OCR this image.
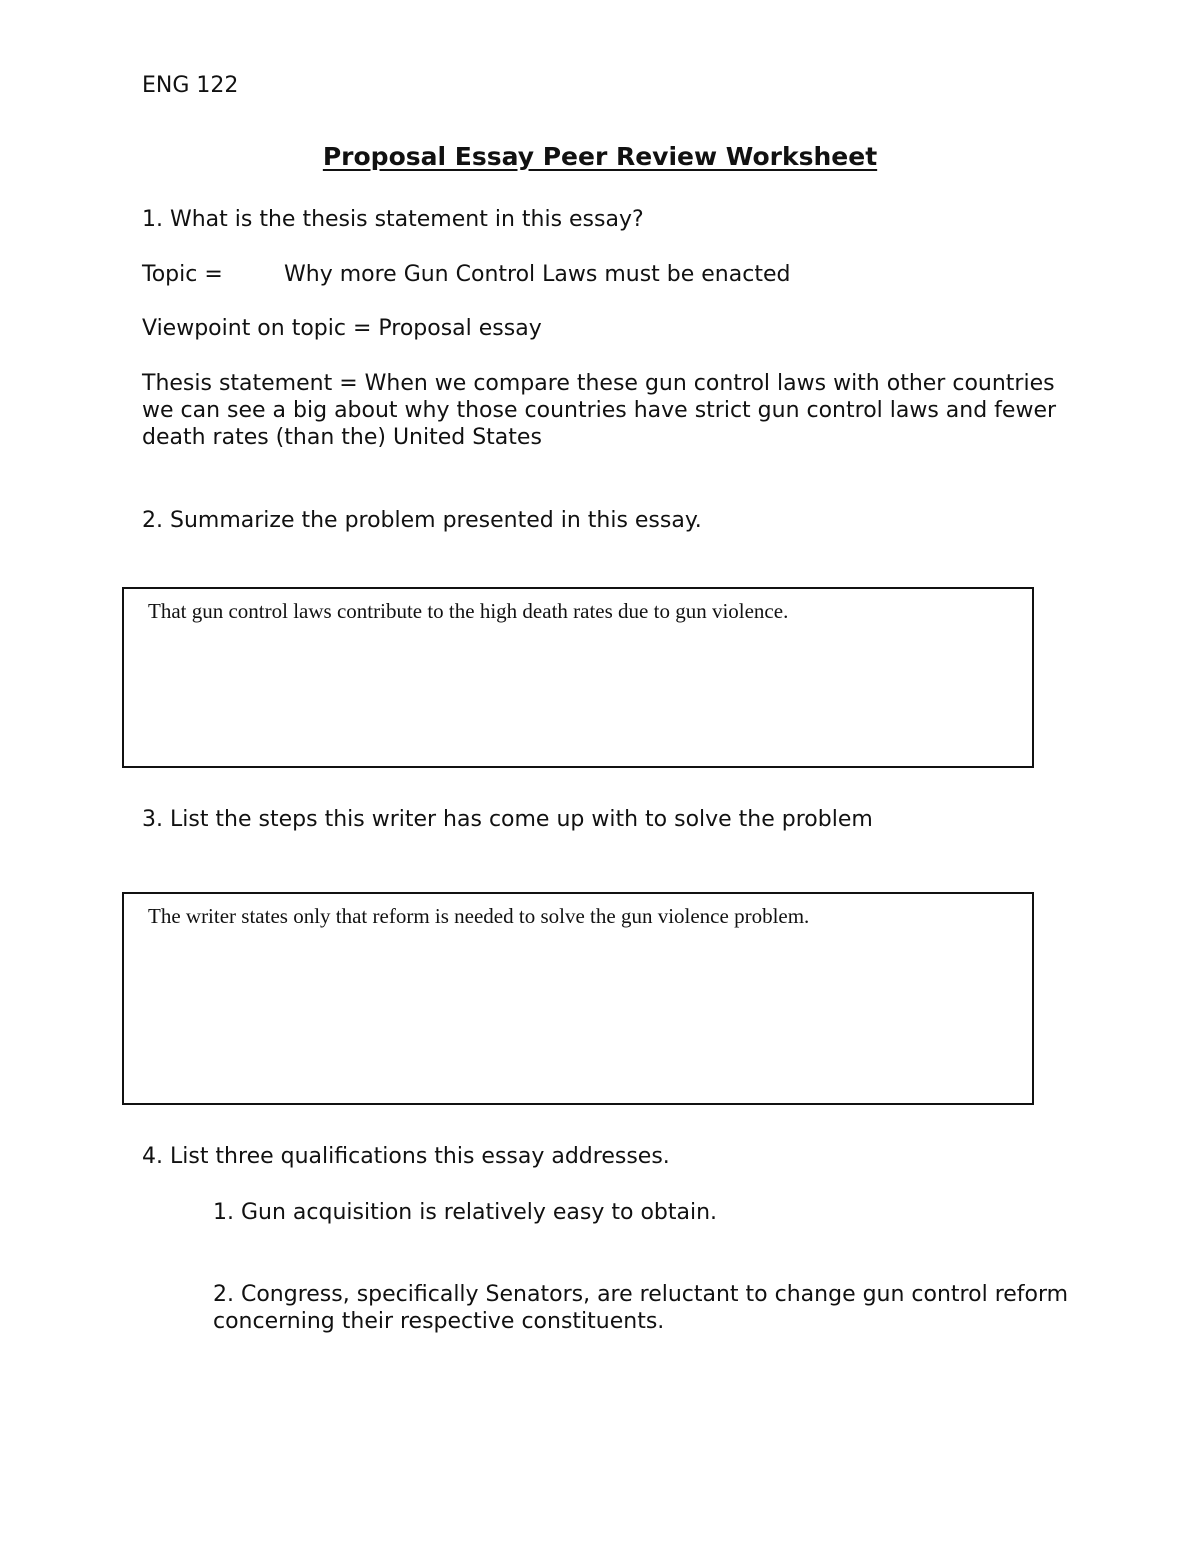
ENG 122

Proposal Essay Peer Review Worksheet

1. What is the thesis statement in this essay?

Topic =	Why more Gun Control Laws must be enacted

Viewpoint on topic = Proposal essay

Thesis statement = When we compare these gun control laws with other countries we can see a big about why those countries have strict gun control laws and fewer death rates (than the) United States

2. Summarize the problem presented in this essay.

That gun control laws contribute to the high death rates due to gun violence.

3. List the steps this writer has come up with to solve the problem

The writer states only that reform is needed to solve the gun violence problem.

4. List three qualifications this essay addresses.

1. Gun acquisition is relatively easy to obtain.

2. Congress, specifically Senators, are reluctant to change gun control reform concerning their respective constituents.
